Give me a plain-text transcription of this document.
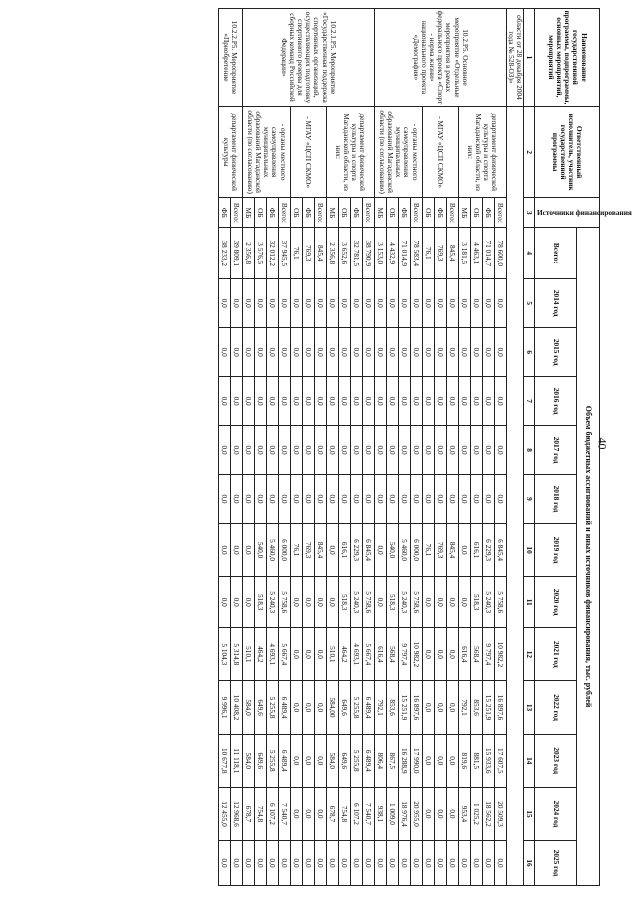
40
Наименование государственной программы, подпрограммы, основных мероприятий, мероприятий	Ответственный исполнитель, участник государственной программы	Источники финансирования	Объем бюджетных ассигнований и иных источников финансирования, тыс. рублей												
			Всего:	2014 год	2015 год	2016 год	2017 год	2018 год	2019 год	2020 год	2021 год	2022 год	2023 год	2024 год	2025 год
1	2	3	4	5	6	7	8	9	10	11	12	13	14	15	16
области от 28 декабря 2004 года № 528-ОЗ)»															
10.2.Р5. Основное мероприятие «Отдельные мероприятия в рамках федерального проекта «Спорт - норма жизни» национального проекта «Демография»	департамент физической культуры и спорта Магаданской области, из них:	Всего:	78 600,0	0,0	0,0	0,0	0,0	0,0	6 845,4	5 758,6	10 982,2	16 897,6	17 607,5	20 509,3	0,0
		ФБ	71 014,7	0,0	0,0	0,0	0,0	0,0	6 229,3	5 240,3	9 797,4	15 251,9	15 933,6	18 562,2	0,0
		ОБ	4 463,1	0,0	0,0	0,0	0,0	0,0	616,1	518,3	568,4	853,6	881,5	1 025,2	0,0
		МБ	3 181,5	0,0	0,0	0,0	0,0	0,0	0,0	0,0	616,4	792,1	819,6	953,4	0,0
	- МГАУ «ЦСП СКМО»	Всего:	845,4	0,0	0,0	0,0	0,0	0,0	845,4	0,0	0,0	0,0	0,0	0,0	0,0
		ФБ	769,3	0,0	0,0	0,0	0,0	0,0	769,3	0,0	0,0	0,0	0,0	0,0	0,0
		ОБ	76,1	0,0	0,0	0,0	0,0	0,0	76,1	0,0	0,0	0,0	0,0	0,0	0,0
	- органы местного самоуправления муниципальных образований Магаданской области (по согласованию)	Всего:	78 583,4	0,0	0,0	0,0	0,0	0,0	6 000,0	5 758,6	10 982,2	16 897,6	17 990,0	20 955,0	0,0
		ФБ	71 014,9	0,0	0,0	0,0	0,0	0,0	5 460,0	5 240,3	9 797,4	15 251,9	16 288,9	18 976,4	0,0
		ОБ	4 432,9	0,0	0,0	0,0	0,0	0,0	540,0	518,3	568,4	853,6	867,5	1 009,0	0,0
		МБ	3 153,0	0,0	0,0	0,0	0,0	0,0	0,0	0,0	616,4	792,1	806,4	938,1	0,0
10.2.1.Р5. Мероприятие «Государственная поддержка спортивных организаций, осуществляющих подготовку спортивного резерва для сборных команд Российской Федерации»	департамент физической культуры и спорта Магаданской области, из них:	Всего:	38 790,9	0,0	0,0	0,0	0,0	0,0	6 845,4	5 758,6	5 667,4	6 489,4	6 489,4	7 540,7	0,0
		ФБ	32 781,5	0,0	0,0	0,0	0,0	0,0	6 229,3	5 240,3	4 693,1	5 255,8	5 255,8	6 107,2	0,0
		ОБ	3 652,6	0,0	0,0	0,0	0,0	0,0	616,1	518,3	464,2	649,6	649,6	754,8	0,0
		МБ	2 356,8	0,0	0,0	0,0	0,0	0,0	0,0	0,0	510,1	584,00	584,0	678,7	0,0
	- МГАУ «ЦСП СКМО»	Всего:	845,4	0,0	0,0	0,0	0,0	0,0	845,4	0,0	0,0	0,0	0,0	0,0	0,0
		ФБ	769,3	0,0	0,0	0,0	0,0	0,0	769,3	0,0	0,0	0,0	0,0	0,0	0,0
		ОБ	76,1	0,0	0,0	0,0	0,0	0,0	76,1	0,0	0,0	0,0	0,0	0,0	0,0
	- органы местного самоуправления муниципальных образований Магаданской области (по согласованию)	Всего:	37 945,5	0,0	0,0	0,0	0,0	0,0	6 000,0	5 758,6	5 667,4	6 489,4	6 489,4	7 540,7	0,0
		ФБ	32 012,2	0,0	0,0	0,0	0,0	0,0	5 460,0	5 240,3	4 693,1	5 255,8	5 255,8	6 107,2	0,0
		ОБ	3 576,5	0,0	0,0	0,0	0,0	0,0	540,0	518,3	464,2	649,6	649,6	754,8	0,0
		МБ	2 356,8	0,0	0,0	0,0	0,0	0,0	0,0	0,0	510,1	584,0	584,0	678,7	0,0
10.2.2.Р5. Мероприятие «Приобретение	департамент физической культуры	Всего:	39 809,1	0,0	0,0	0,0	0,0	0,0	0,0	0,0	5 314,8	10 408,2	11 118,1	12 968,6	0,0
		ФБ	38 233,2	0,0	0,0	0,0	0,0	0,0	0,0	0,0	5 104,3	9 996,1	10 677,8	12 455,0	0,0
